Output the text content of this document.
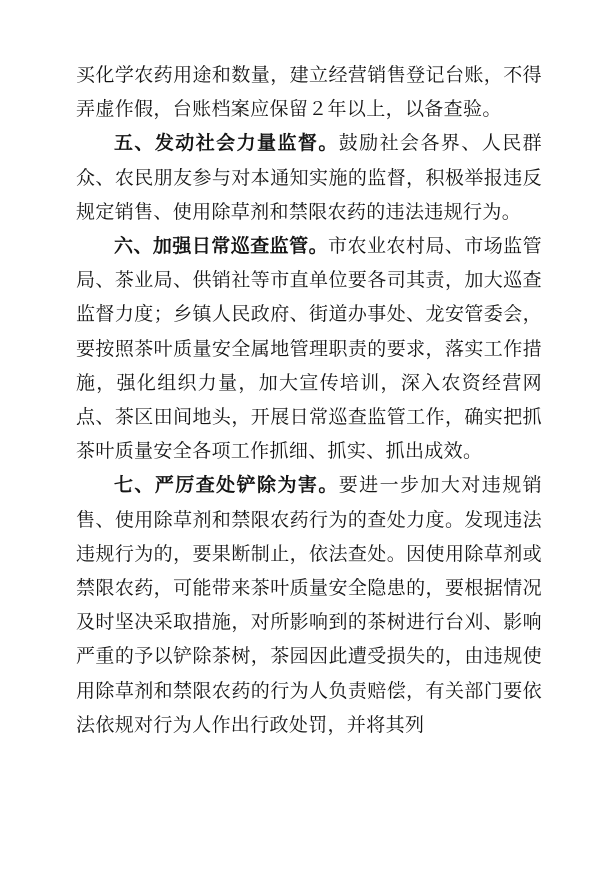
买化学农药用途和数量，建立经营销售登记台账，不得弄虚作假，台账档案应保留２年以上，以备查验。

五、发动社会力量监督。鼓励社会各界、人民群众、农民朋友参与对本通知实施的监督，积极举报违反规定销售、使用除草剂和禁限农药的违法违规行为。

六、加强日常巡查监管。市农业农村局、市场监管局、茶业局、供销社等市直单位要各司其责，加大巡查监督力度；乡镇人民政府、街道办事处、龙安管委会，要按照茶叶质量安全属地管理职责的要求，落实工作措施，强化组织力量，加大宣传培训，深入农资经营网点、茶区田间地头，开展日常巡查监管工作，确实把抓茶叶质量安全各项工作抓细、抓实、抓出成效。

七、严厉查处铲除为害。要进一步加大对违规销售、使用除草剂和禁限农药行为的查处力度。发现违法违规行为的，要果断制止，依法查处。因使用除草剂或禁限农药，可能带来茶叶质量安全隐患的，要根据情况及时坚决采取措施，对所影响到的茶树进行台刈、影响严重的予以铲除茶树，茶园因此遭受损失的，由违规使用除草剂和禁限农药的行为人负责赔偿，有关部门要依法依规对行为人作出行政处罚，并将其列
